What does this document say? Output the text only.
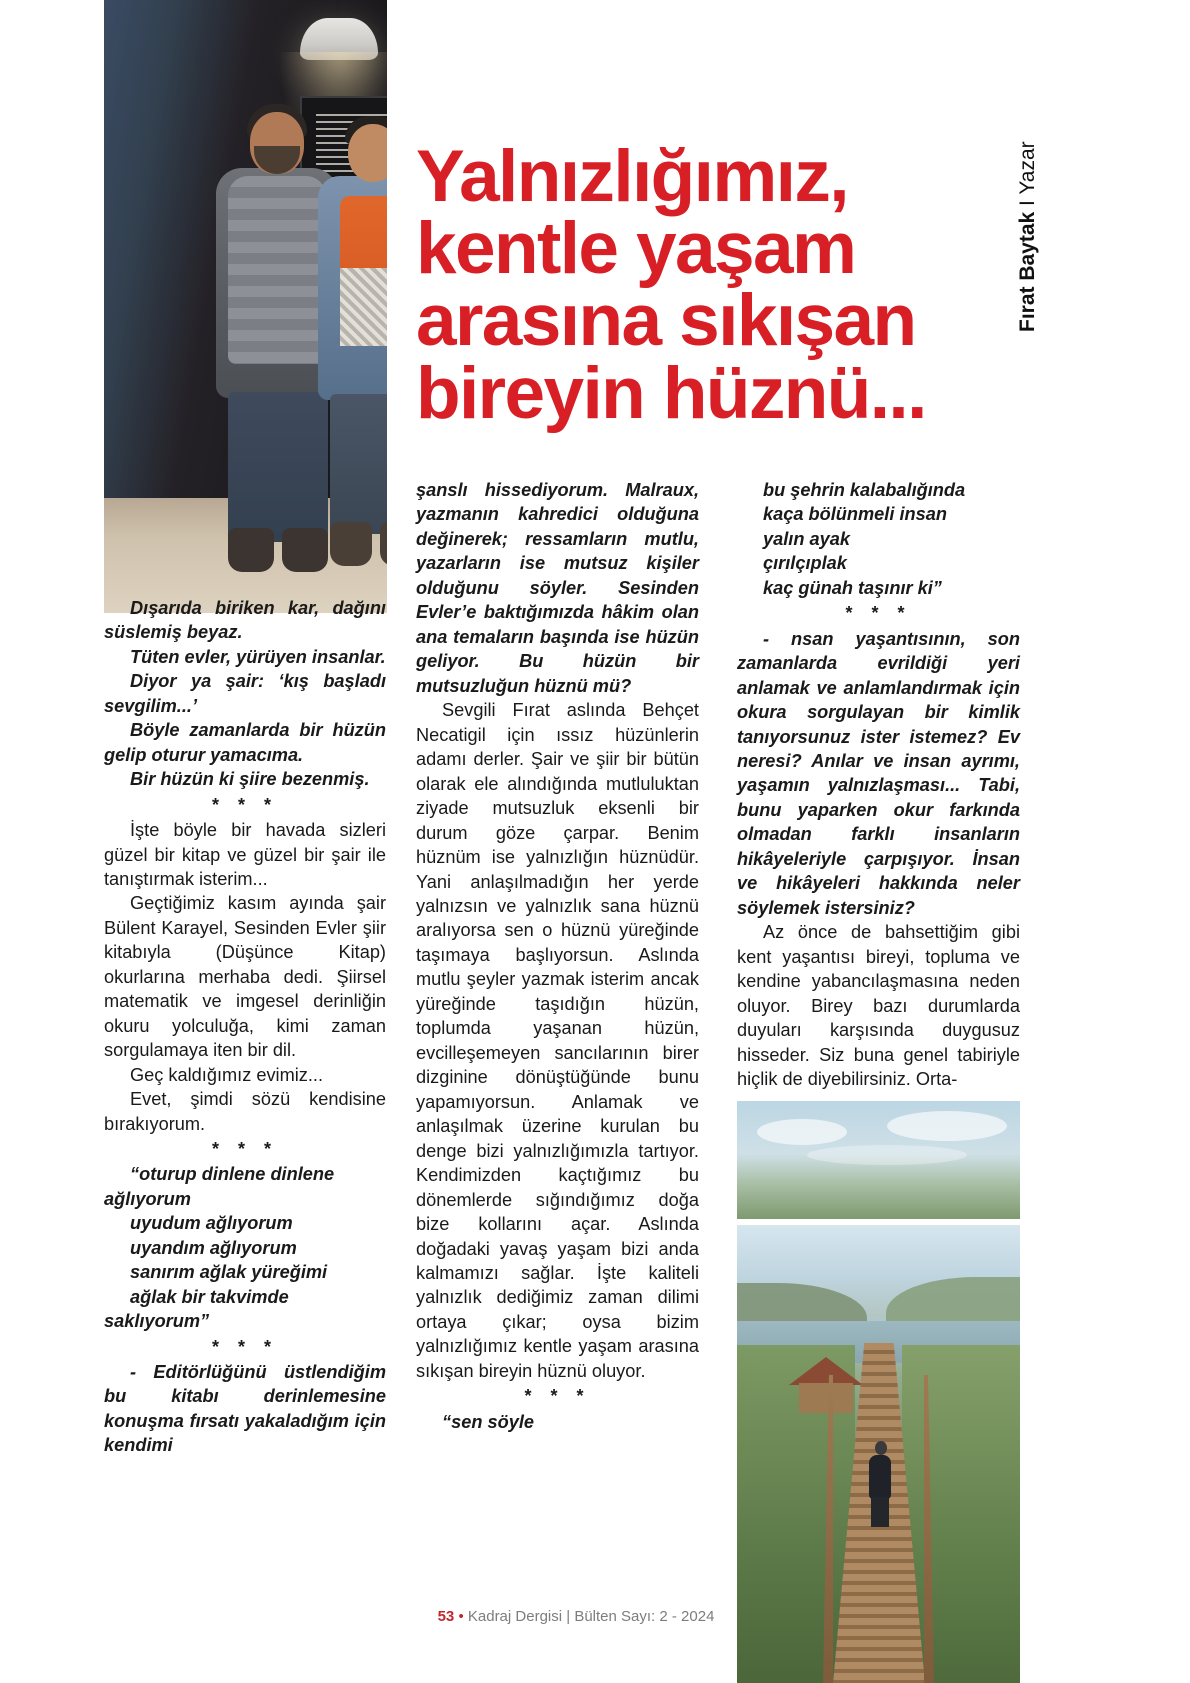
Yalnızlığımız,
kentle yaşam
arasına sıkışan
bireyin hüznü...
Fırat Baytak I Yazar

Dışarıda biriken kar, dağını süslemiş beyaz.

Tüten evler, yürüyen insanlar.

Diyor ya şair: ‘kış başladı sevgilim...’

Böyle zamanlarda bir hüzün gelip oturur yamacıma.

Bir hüzün ki şiire bezenmiş.

* * *

İşte böyle bir havada sizleri güzel bir kitap ve güzel bir şair ile tanıştırmak isterim...

Geçtiğimiz kasım ayında şair Bülent Karayel, Sesinden Evler şiir kitabıyla (Düşünce Kitap) okurlarına merhaba dedi. Şiirsel matematik ve imgesel derinliğin okuru yolculuğa, kimi zaman sorgulamaya iten bir dil.

Geç kaldığımız evimiz...

Evet, şimdi sözü kendisine bırakıyorum.

* * *

“oturup dinlene dinlene ağlıyorum

uyudum ağlıyorum

uyandım ağlıyorum

sanırım ağlak yüreğimi

ağlak bir takvimde saklıyorum”

* * *

- Editörlüğünü üstlendiğim bu kitabı derinlemesine konuşma fırsatı yakaladığım için kendimi

şanslı hissediyorum. Malraux, yazmanın kahredici olduğuna değinerek; ressamların mutlu, yazarların ise mutsuz kişiler olduğunu söyler. Sesinden Evler’e baktığımızda hâkim olan ana temaların başında ise hüzün geliyor. Bu hüzün bir mutsuzluğun hüznü mü?

Sevgili Fırat aslında Behçet Necatigil için ıssız hüzünlerin adamı derler. Şair ve şiir bir bütün olarak ele alındığında mutluluktan ziyade mutsuzluk eksenli bir durum göze çarpar. Benim hüznüm ise yalnızlığın hüznüdür. Yani anlaşılmadığın her yerde yalnızsın ve yalnızlık sana hüznü aralıyorsa sen o hüznü yüreğinde taşımaya başlıyorsun. Aslında mutlu şeyler yazmak isterim ancak yüreğinde taşıdığın hüzün, toplumda yaşanan hüzün, evcilleşemeyen sancılarının birer dizginine dönüştüğünde bunu yapamıyorsun. Anlamak ve anlaşılmak üzerine kurulan bu denge bizi yalnızlığımızla tartıyor. Kendimizden kaçtığımız bu dönemlerde sığındığımız doğa bize kollarını açar. Aslında doğadaki yavaş yaşam bizi anda kalmamızı sağlar. İşte kaliteli yalnızlık dediğimiz zaman dilimi ortaya çıkar; oysa bizim yalnızlığımız kentle yaşam arasına sıkışan bireyin hüznü oluyor.

* * *

“sen söyle

bu şehrin kalabalığında

kaça bölünmeli insan

yalın ayak

çırılçıplak

kaç günah taşınır ki”

* * *

- nsan yaşantısının, son zamanlarda evrildiği yeri anlamak ve anlamlandırmak için okura sorgulayan bir kimlik tanıyorsunuz ister istemez? Ev neresi? Anılar ve insan ayrımı, yaşamın yalnızlaşması... Tabi, bunu yaparken okur farkında olmadan farklı insanların hikâyeleriyle çarpışıyor. İnsan ve hikâyeleri hakkında neler söylemek istersiniz?

Az önce de bahsettiğim gibi kent yaşantısı bireyi, topluma ve kendine yabancılaşmasına neden oluyor. Birey bazı durumlarda duyuları karşısında duygusuz hisseder. Siz buna genel tabiriyle hiçlik de diyebilirsiniz. Orta-

53 • Kadraj Dergisi | Bülten Sayı: 2 - 2024
